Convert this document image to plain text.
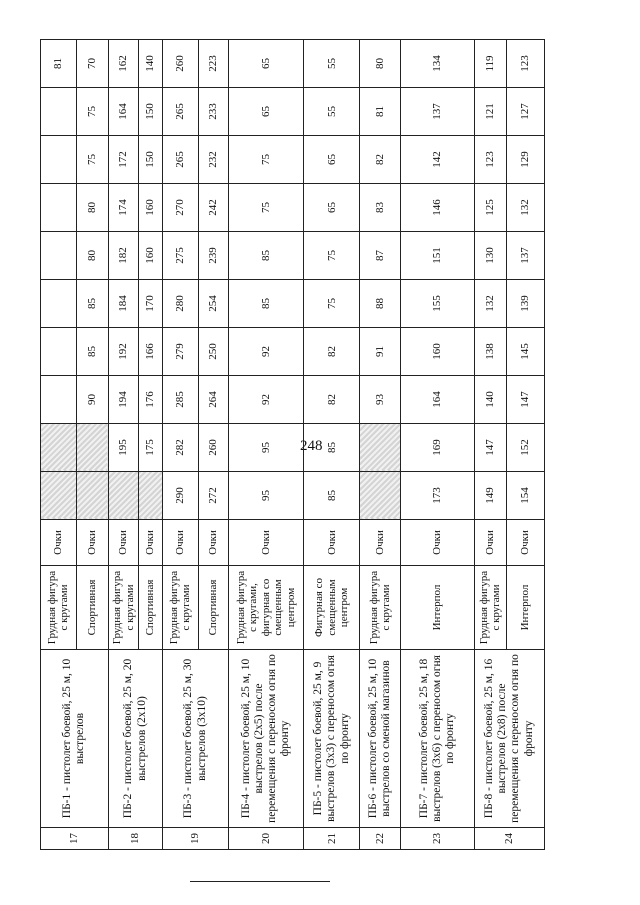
248
17	ПБ-1 - пистолет боевой, 25 м, 10 выстрелов	Грудная фигура с кругами	Очки										81
		Спортивная	Очки			90	85	85	80	80	75	75	70
18	ПБ-2 - пистолет боевой, 25 м, 20 выстрелов (2х10)	Грудная фигура с кругами	Очки		195	194	192	184	182	174	172	164	162
		Спортивная	Очки		175	176	166	170	160	160	150	150	140
19	ПБ-3 - пистолет боевой, 25 м, 30 выстрелов (3х10)	Грудная фигура с кругами	Очки	290	282	285	279	280	275	270	265	265	260
		Спортивная	Очки	272	260	264	250	254	239	242	232	233	223
20	ПБ-4 - пистолет боевой, 25 м, 10 выстрелов (2х5) после перемещения с переносом огня по фронту	Грудная фигура с кругами, фигурная со смещенным центром	Очки	95	95	92	92	85	85	75	75	65	65
21	ПБ-5 - пистолет боевой, 25 м, 9 выстрелов (3х3) с переносом огня по фронту	Фигурная со смещенным центром	Очки	85	85	82	82	75	75	65	65	55	55
22	ПБ-6 - пистолет боевой, 25 м, 10 выстрелов со сменой магазинов	Грудная фигура с кругами	Очки			93	91	88	87	83	82	81	80
23	ПБ-7 - пистолет боевой, 25 м, 18 выстрелов (3х6) с переносом огня по фронту	Интерпол	Очки	173	169	164	160	155	151	146	142	137	134
24	ПБ-8 - пистолет боевой, 25 м, 16 выстрелов (2х8) после перемещения с переносом огня по фронту	Грудная фигура с кругами	Очки	149	147	140	138	132	130	125	123	121	119
		Интерпол	Очки	154	152	147	145	139	137	132	129	127	123
